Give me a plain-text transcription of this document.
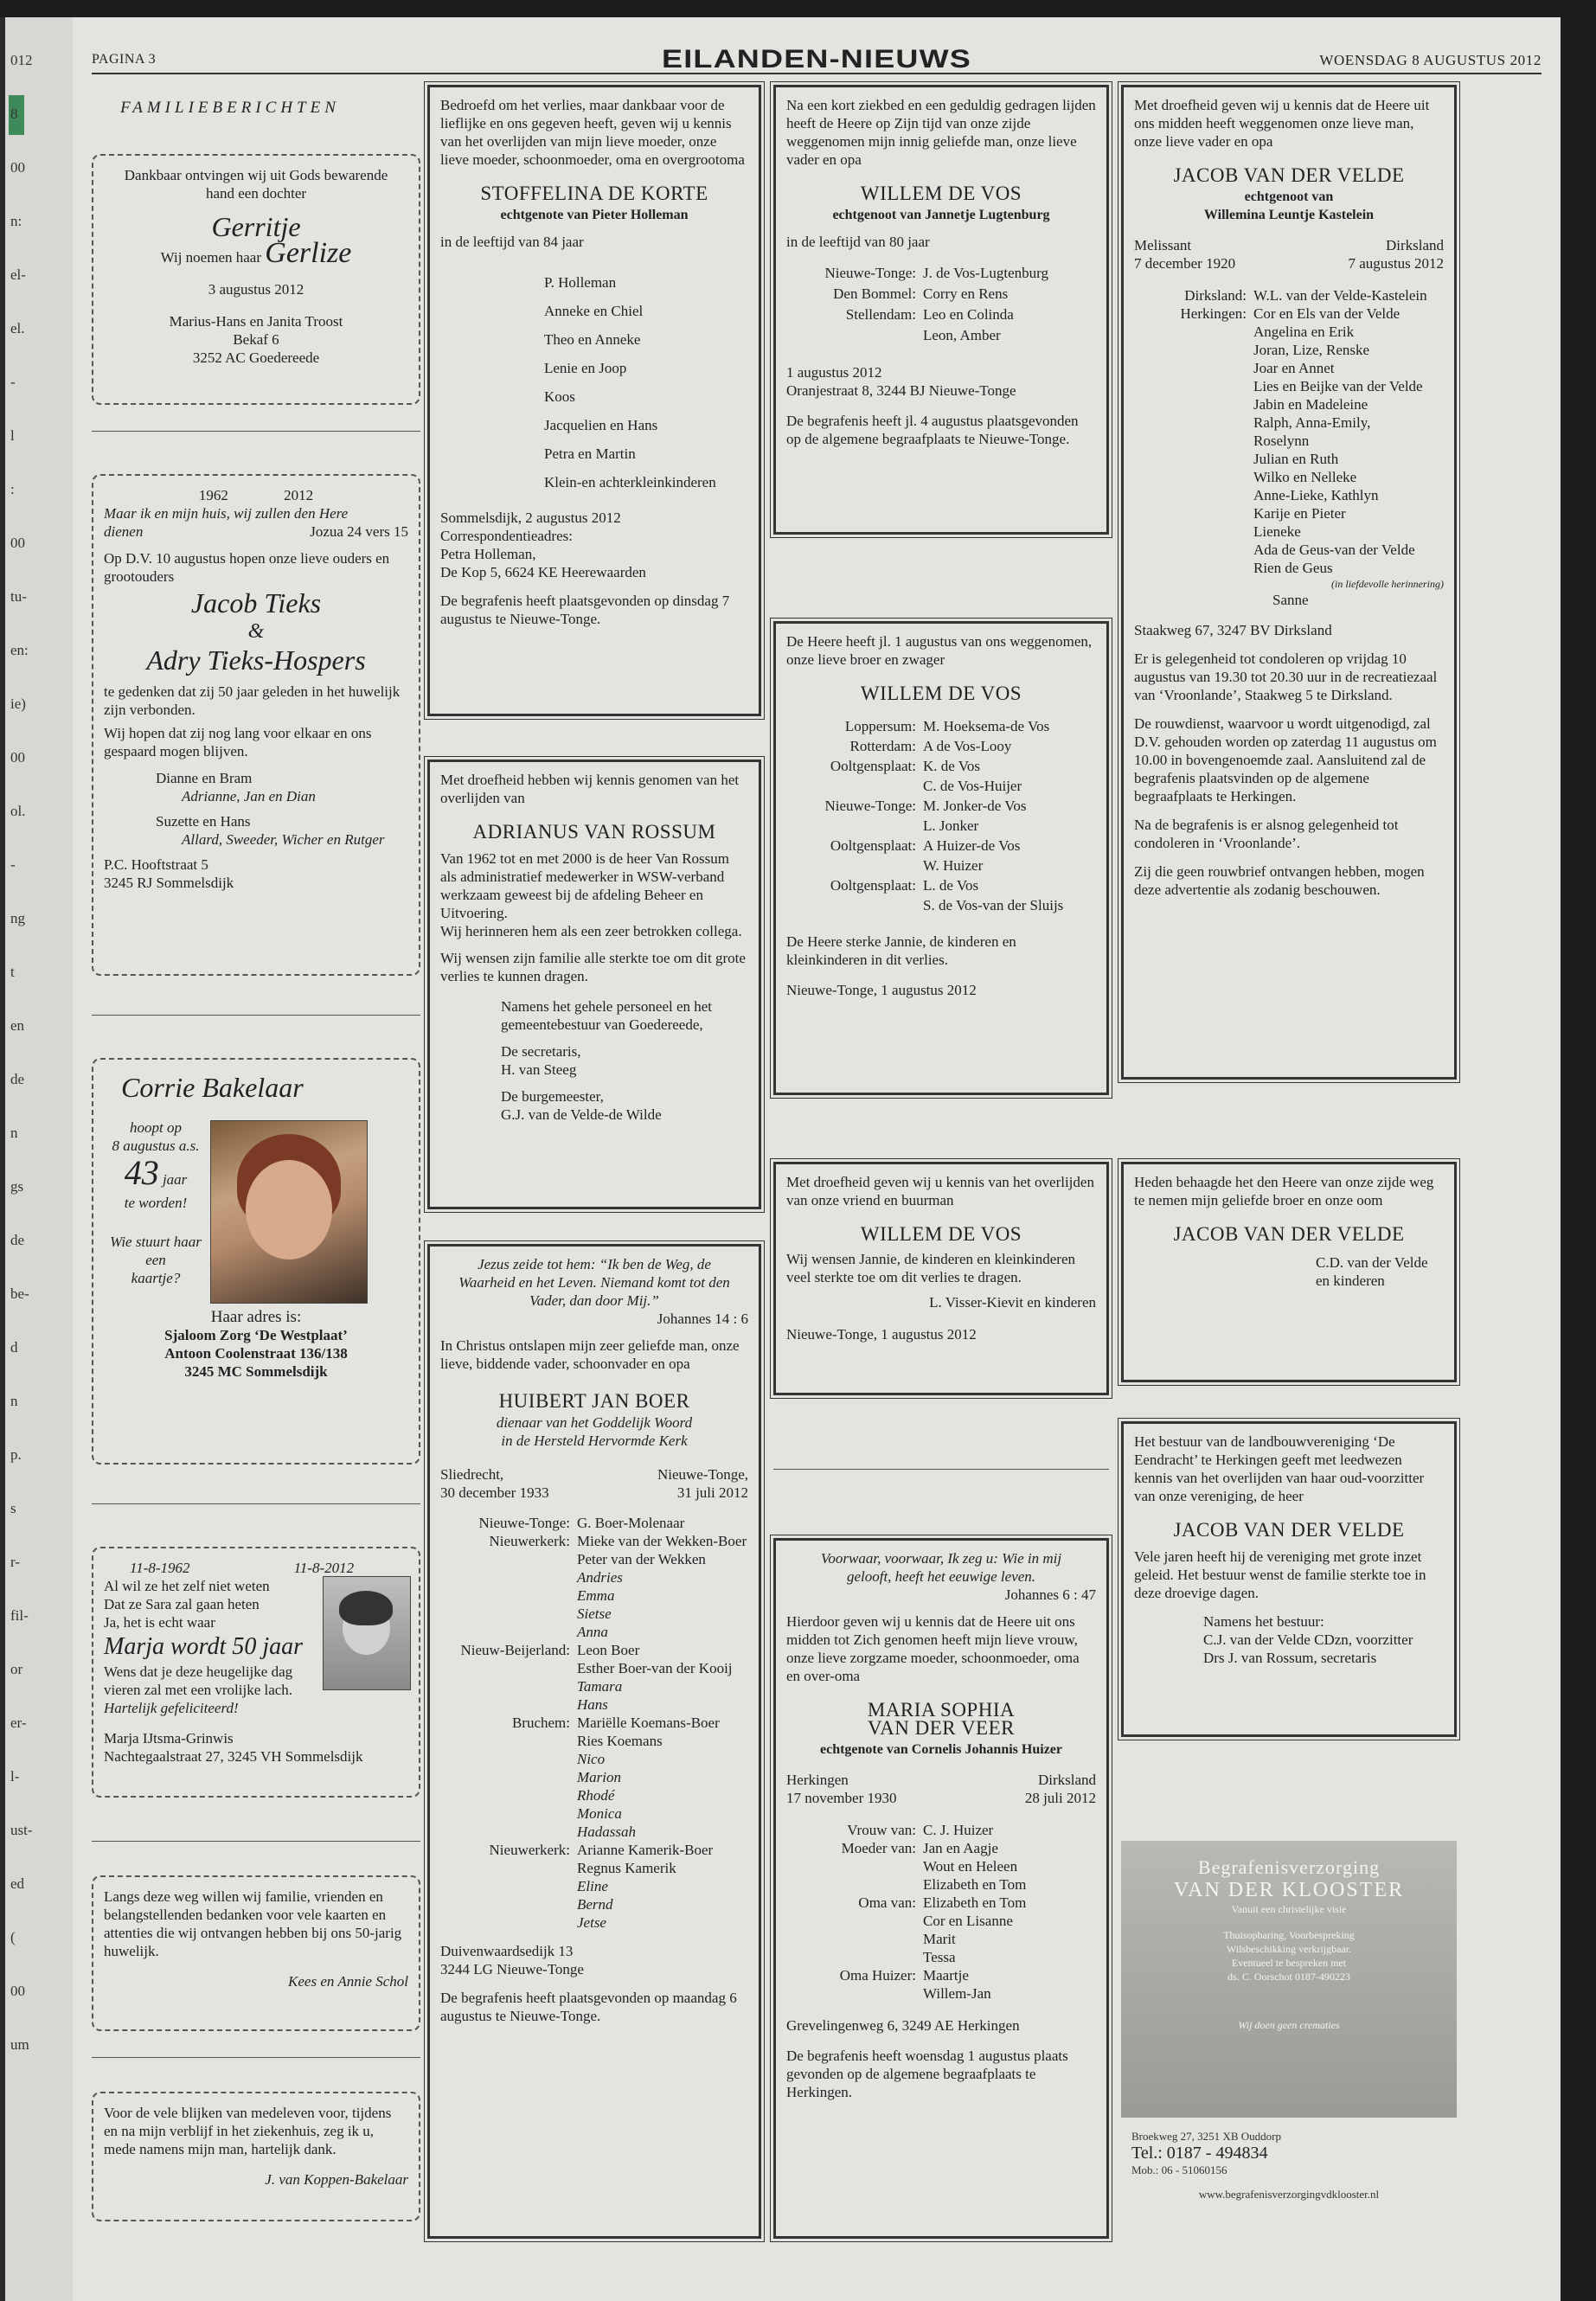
012
8
00
n:
el-
el.
-
l
:
00
tu-
en:
ie)
00
ol.
-
ng
t
en
de
n
gs
de
be-
d
n
p.
s
r-
fil-
or
er-
l-
ust-
ed
(
00
um
PAGINA 3	EILANDEN-NIEUWS	WOENSDAG 8 AUGUSTUS 2012
FAMILIEBERICHTEN
Dankbaar ontvingen wij uit Gods bewarende
hand een dochter
Gerritje
Wij noemen haar Gerlize
3 augustus 2012
Marius-Hans en Janita Troost
Bekaf 6
3252 AC Goedereede
1962	2012
Maar ik en mijn huis, wij zullen den Here
dienen	Jozua 24 vers 15
Op D.V. 10 augustus hopen onze lieve ouders en grootouders
Jacob Tieks
&
Adry Tieks-Hospers
te gedenken dat zij 50 jaar geleden in het huwelijk zijn verbonden.
Wij hopen dat zij nog lang voor elkaar en ons gespaard mogen blijven.
Dianne en Bram
Adrianne, Jan en Dian
Suzette en Hans
Allard, Sweeder, Wicher en Rutger
P.C. Hooftstraat 5
3245 RJ Sommelsdijk
Corrie Bakelaar
hoopt op
8 augustus a.s.
43 jaar
te worden!
Wie stuurt haar een
kaartje?
Haar adres is:
Sjaloom Zorg ‘De Westplaat’
Antoon Coolenstraat 136/138
3245 MC Sommelsdijk
11-8-1962	11-8-2012
Al wil ze het zelf niet weten
Dat ze Sara zal gaan heten
Ja, het is echt waar
Marja wordt 50 jaar
Wens dat je deze heugelijke dag
vieren zal met een vrolijke lach.
Hartelijk gefeliciteerd!
Marja IJtsma-Grinwis
Nachtegaalstraat 27, 3245 VH Sommelsdijk
Langs deze weg willen wij familie, vrienden en belangstellenden bedanken voor vele kaarten en attenties die wij ontvangen hebben bij ons 50-jarig huwelijk.
Kees en Annie Schol
Voor de vele blijken van medeleven voor, tijdens en na mijn verblijf in het ziekenhuis, zeg ik u, mede namens mijn man, hartelijk dank.
J. van Koppen-Bakelaar
Bedroefd om het verlies, maar dankbaar voor de lieflijke en ons gegeven heeft, geven wij u kennis van het overlijden van mijn lieve moeder, onze lieve moeder, schoonmoeder, oma en overgrootoma
STOFFELINA DE KORTE
echtgenote van Pieter Holleman
in de leeftijd van 84 jaar
P. Holleman
Anneke en Chiel
Theo en Anneke
Lenie en Joop
Koos
Jacquelien en Hans
Petra en Martin
Klein-en achterkleinkinderen
Sommelsdijk, 2 augustus 2012
Correspondentieadres:
Petra Holleman,
De Kop 5, 6624 KE Heerewaarden
De begrafenis heeft plaatsgevonden op dinsdag 7 augustus te Nieuwe-Tonge.
Met droefheid hebben wij kennis genomen van het overlijden van
ADRIANUS VAN ROSSUM
Van 1962 tot en met 2000 is de heer Van Rossum als administratief medewerker in WSW-verband werkzaam geweest bij de afdeling Beheer en Uitvoering.
Wij herinneren hem als een zeer betrokken collega.
Wij wensen zijn familie alle sterkte toe om dit grote verlies te kunnen dragen.
Namens het gehele personeel en het gemeentebestuur van Goedereede,
De secretaris,
H. van Steeg
De burgemeester,
G.J. van de Velde-de Wilde
Jezus zeide tot hem: “Ik ben de Weg, de Waarheid en het Leven. Niemand komt tot den Vader, dan door Mij.”
Johannes 14 : 6
In Christus ontslapen mijn zeer geliefde man, onze lieve, biddende vader, schoonvader en opa
HUIBERT JAN BOER
dienaar van het Goddelijk Woord
in de Hersteld Hervormde Kerk
Sliedrecht,	Nieuwe-Tonge,
30 december 1933	31 juli 2012
Nieuwe-Tonge: G. Boer-Molenaar
Nieuwerkerk: Mieke van der Wekken-Boer
Peter van der Wekken
Andries
Emma
Sietse
Anna
Nieuw-Beijerland: Leon Boer
Esther Boer-van der Kooij
Tamara
Hans
Bruchem: Mariëlle Koemans-Boer
Ries Koemans
Nico
Marion
Rhodé
Monica
Hadassah
Nieuwerkerk: Arianne Kamerik-Boer
Regnus Kamerik
Eline
Bernd
Jetse
Duivenwaardsedijk 13
3244 LG Nieuwe-Tonge
De begrafenis heeft plaatsgevonden op maandag 6 augustus te Nieuwe-Tonge.
Na een kort ziekbed en een geduldig gedragen lijden heeft de Heere op Zijn tijd van onze zijde weggenomen mijn innig geliefde man, onze lieve vader en opa
WILLEM DE VOS
echtgenoot van Jannetje Lugtenburg
in de leeftijd van 80 jaar
Nieuwe-Tonge: J. de Vos-Lugtenburg
Den Bommel: Corry en Rens
Stellendam: Leo en Colinda
Leon, Amber
1 augustus 2012
Oranjestraat 8, 3244 BJ Nieuwe-Tonge
De begrafenis heeft jl. 4 augustus plaatsgevonden op de algemene begraafplaats te Nieuwe-Tonge.
De Heere heeft jl. 1 augustus van ons weggenomen, onze lieve broer en zwager
WILLEM DE VOS
Loppersum: M. Hoeksema-de Vos
Rotterdam: A de Vos-Looy
Ooltgensplaat: K. de Vos
C. de Vos-Huijer
Nieuwe-Tonge: M. Jonker-de Vos
L. Jonker
Ooltgensplaat: A Huizer-de Vos
W. Huizer
Ooltgensplaat: L. de Vos
S. de Vos-van der Sluijs
De Heere sterke Jannie, de kinderen en kleinkinderen in dit verlies.
Nieuwe-Tonge, 1 augustus 2012
Met droefheid geven wij u kennis van het overlijden van onze vriend en buurman
WILLEM DE VOS
Wij wensen Jannie, de kinderen en kleinkinderen veel sterkte toe om dit verlies te dragen.
L. Visser-Kievit en kinderen
Nieuwe-Tonge, 1 augustus 2012
Voorwaar, voorwaar, Ik zeg u: Wie in mij gelooft, heeft het eeuwige leven.
Johannes 6 : 47
Hierdoor geven wij u kennis dat de Heere uit ons midden tot Zich genomen heeft mijn lieve vrouw, onze lieve zorgzame moeder, schoonmoeder, oma en over-oma
MARIA SOPHIA
VAN DER VEER
echtgenote van Cornelis Johannis Huizer
Herkingen	Dirksland
17 november 1930	28 juli 2012
Vrouw van: C. J. Huizer
Moeder van: Jan en Aagje
Wout en Heleen
Elizabeth en Tom
Oma van: Elizabeth en Tom
Cor en Lisanne
Marit
Tessa
Oma Huizer: Maartje
Willem-Jan
Grevelingenweg 6, 3249 AE Herkingen
De begrafenis heeft woensdag 1 augustus plaats gevonden op de algemene begraafplaats te Herkingen.
Met droefheid geven wij u kennis dat de Heere uit ons midden heeft weggenomen onze lieve man, onze lieve vader en opa
JACOB VAN DER VELDE
echtgenoot van
Willemina Leuntje Kastelein
Melissant	Dirksland
7 december 1920	7 augustus 2012
Dirksland: W.L. van der Velde-Kastelein
Herkingen: Cor en Els van der Velde
Angelina en Erik
Joran, Lize, Renske
Joar en Annet
Lies en Beijke van der Velde
Jabin en Madeleine
Ralph, Anna-Emily,
Roselynn
Julian en Ruth
Wilko en Nelleke
Anne-Lieke, Kathlyn
Karije en Pieter
Lieneke
Ada de Geus-van der Velde
Rien de Geus
(in liefdevolle herinnering)
Sanne
Staakweg 67, 3247 BV Dirksland
Er is gelegenheid tot condoleren op vrijdag 10 augustus van 19.30 tot 20.30 uur in de recreatiezaal van ‘Vroonlande’, Staakweg 5 te Dirksland.
De rouwdienst, waarvoor u wordt uitgenodigd, zal D.V. gehouden worden op zaterdag 11 augustus om 10.00 in bovengenoemde zaal. Aansluitend zal de begrafenis plaatsvinden op de algemene begraafplaats te Herkingen.
Na de begrafenis is er alsnog gelegenheid tot condoleren in ‘Vroonlande’.
Zij die geen rouwbrief ontvangen hebben, mogen deze advertentie als zodanig beschouwen.
Heden behaagde het den Heere van onze zijde weg te nemen mijn geliefde broer en onze oom
JACOB VAN DER VELDE
C.D. van der Velde
en kinderen
Het bestuur van de landbouwvereniging ‘De Eendracht’ te Herkingen geeft met leedwezen kennis van het overlijden van haar oud-voorzitter van onze vereniging, de heer
JACOB VAN DER VELDE
Vele jaren heeft hij de vereniging met grote inzet geleid. Het bestuur wenst de familie sterkte toe in deze droevige dagen.
Namens het bestuur:
C.J. van der Velde CDzn, voorzitter
Drs J. van Rossum, secretaris
Begrafenisverzorging
VAN DER KLOOSTER
Vanuit een christelijke visie
Thuisopbaring, Voorbespreking
Wilsbeschikking verkrijgbaar.
Eventueel te bespreken met
ds. C. Oorschot 0187-490223
Wij doen geen crematies
Broekweg 27, 3251 XB Ouddorp
Tel.: 0187 - 494834
Mob.: 06 - 51060156
www.begrafenisverzorgingvdklooster.nl
